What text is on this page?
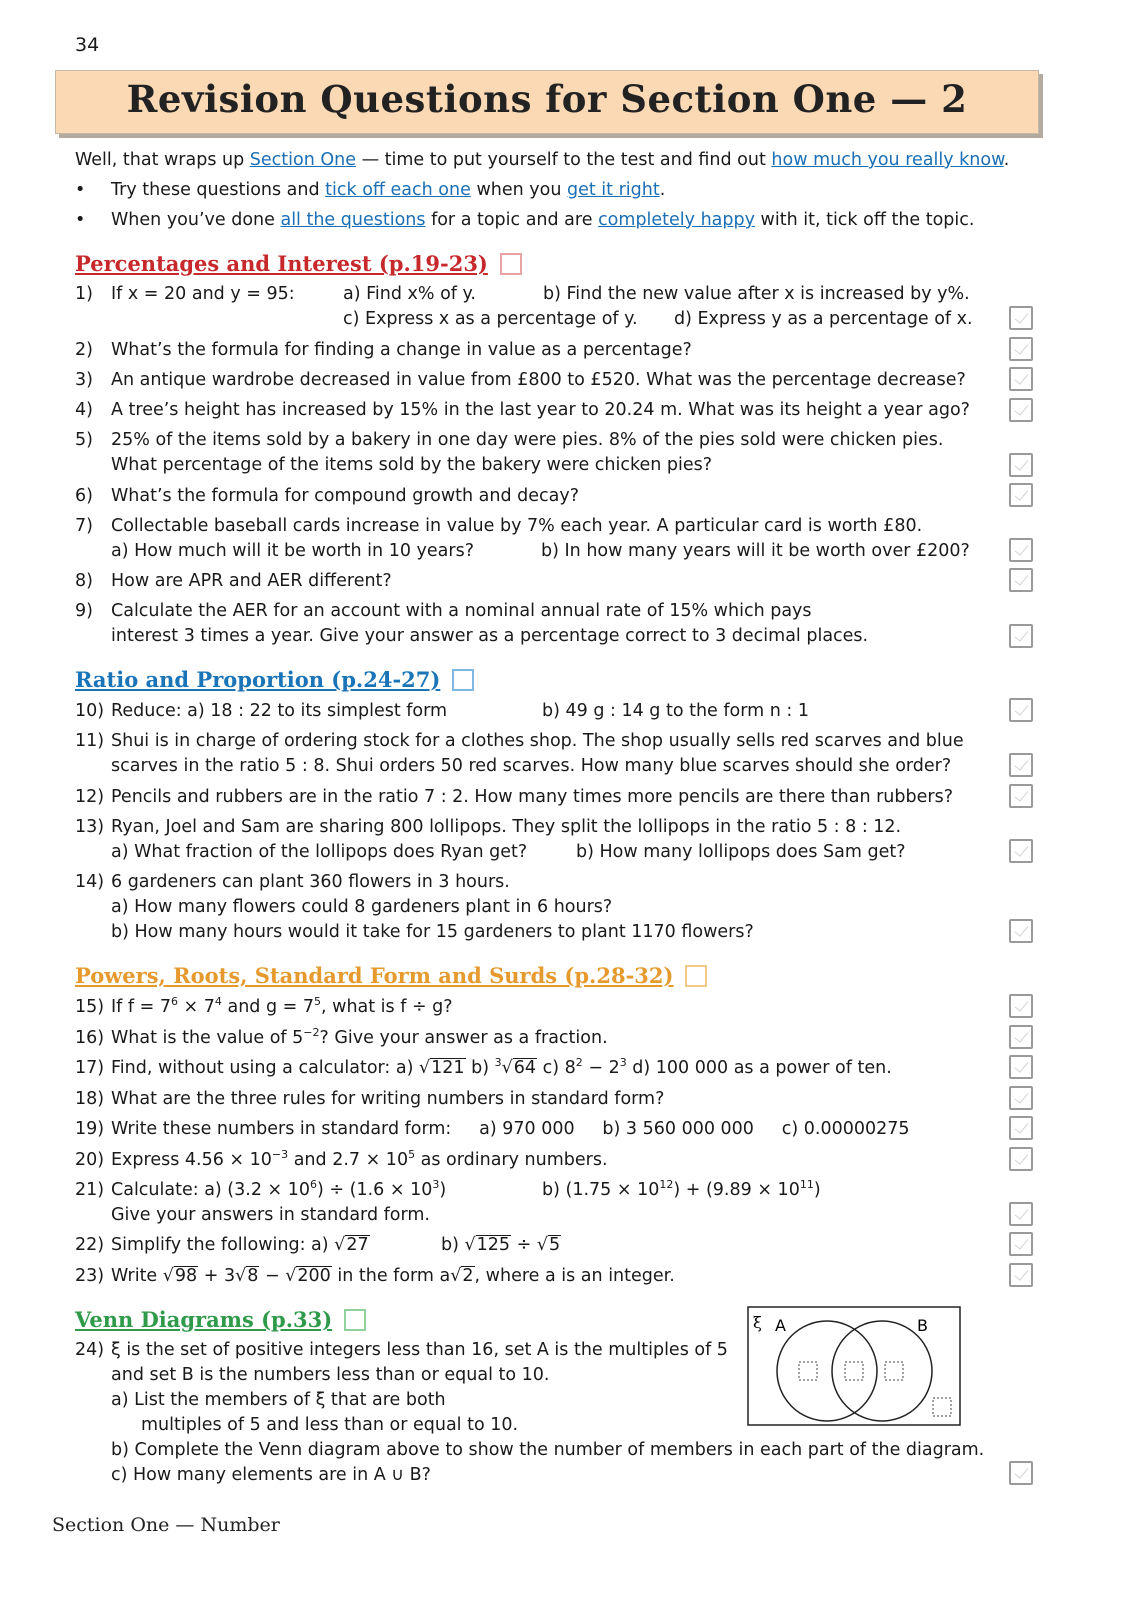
34
Revision Questions for Section One — 2
Well, that wraps up Section One — time to put yourself to the test and find out how much you really know.
•	Try these questions and tick off each one when you get it right.
•	When you’ve done all the questions for a topic and are completely happy with it, tick off the topic.
Percentages and Interest (p.19-23)
1) If x = 20 and y = 95:	a) Find x% of y.	b) Find the new value after x is increased by y%.
c) Express x as a percentage of y. d) Express y as a percentage of x.
2) What’s the formula for finding a change in value as a percentage?
3) An antique wardrobe decreased in value from £800 to £520. What was the percentage decrease?
4) A tree’s height has increased by 15% in the last year to 20.24 m. What was its height a year ago?
5) 25% of the items sold by a bakery in one day were pies. 8% of the pies sold were chicken pies.
What percentage of the items sold by the bakery were chicken pies?
6) What’s the formula for compound growth and decay?
7) Collectable baseball cards increase in value by 7% each year. A particular card is worth £80.
a) How much will it be worth in 10 years?	b) In how many years will it be worth over £200?
8) How are APR and AER different?
9) Calculate the AER for an account with a nominal annual rate of 15% which pays
interest 3 times a year. Give your answer as a percentage correct to 3 decimal places.
Ratio and Proportion (p.24-27)
10) Reduce: a) 18 : 22 to its simplest form	b) 49 g : 14 g to the form n : 1
11) Shui is in charge of ordering stock for a clothes shop. The shop usually sells red scarves and blue
scarves in the ratio 5 : 8. Shui orders 50 red scarves. How many blue scarves should she order?
12) Pencils and rubbers are in the ratio 7 : 2. How many times more pencils are there than rubbers?
13) Ryan, Joel and Sam are sharing 800 lollipops. They split the lollipops in the ratio 5 : 8 : 12.
a) What fraction of the lollipops does Ryan get?	b) How many lollipops does Sam get?
14) 6 gardeners can plant 360 flowers in 3 hours.
a) How many flowers could 8 gardeners plant in 6 hours?
b) How many hours would it take for 15 gardeners to plant 1170 flowers?
Powers, Roots, Standard Form and Surds (p.28-32)
15) If $f = 7^6 \times 7^4$ and $g = 7^5$, what is f ÷ g?
16) What is the value of $5^{-2}$? Give your answer as a fraction.
17) Find, without using a calculator: a) √121 b) $^3$√64 c) $8^2 - 2^3$ d) 100 000 as a power of ten.
18) What are the three rules for writing numbers in standard form?
19) Write these numbers in standard form:     a) 970 000     b) 3 560 000 000     c) 0.00000275
20) Express $4.56 \times 10^{-3}$ and $2.7 \times 10^5$ as ordinary numbers.
21) Calculate: a) $(3.2 \times 10^6) \div (1.6 \times 10^3)$	b) $(1.75 \times 10^{12}) + (9.89 \times 10^{11})$
Give your answers in standard form.
22) Simplify the following: a) √27	b) √125 ÷ √5
23) Write √98 + 3√8 − √200 in the form a√2, where a is an integer.
Venn Diagrams (p.33)
24) ξ is the set of positive integers less than 16, set A is the multiples of 5
and set B is the numbers less than or equal to 10.
a) List the members of ξ that are both
multiples of 5 and less than or equal to 10.
b) Complete the Venn diagram above to show the number of members in each part of the diagram.
c) How many elements are in A ∪ B?
ξ A	B
Section One — Number
